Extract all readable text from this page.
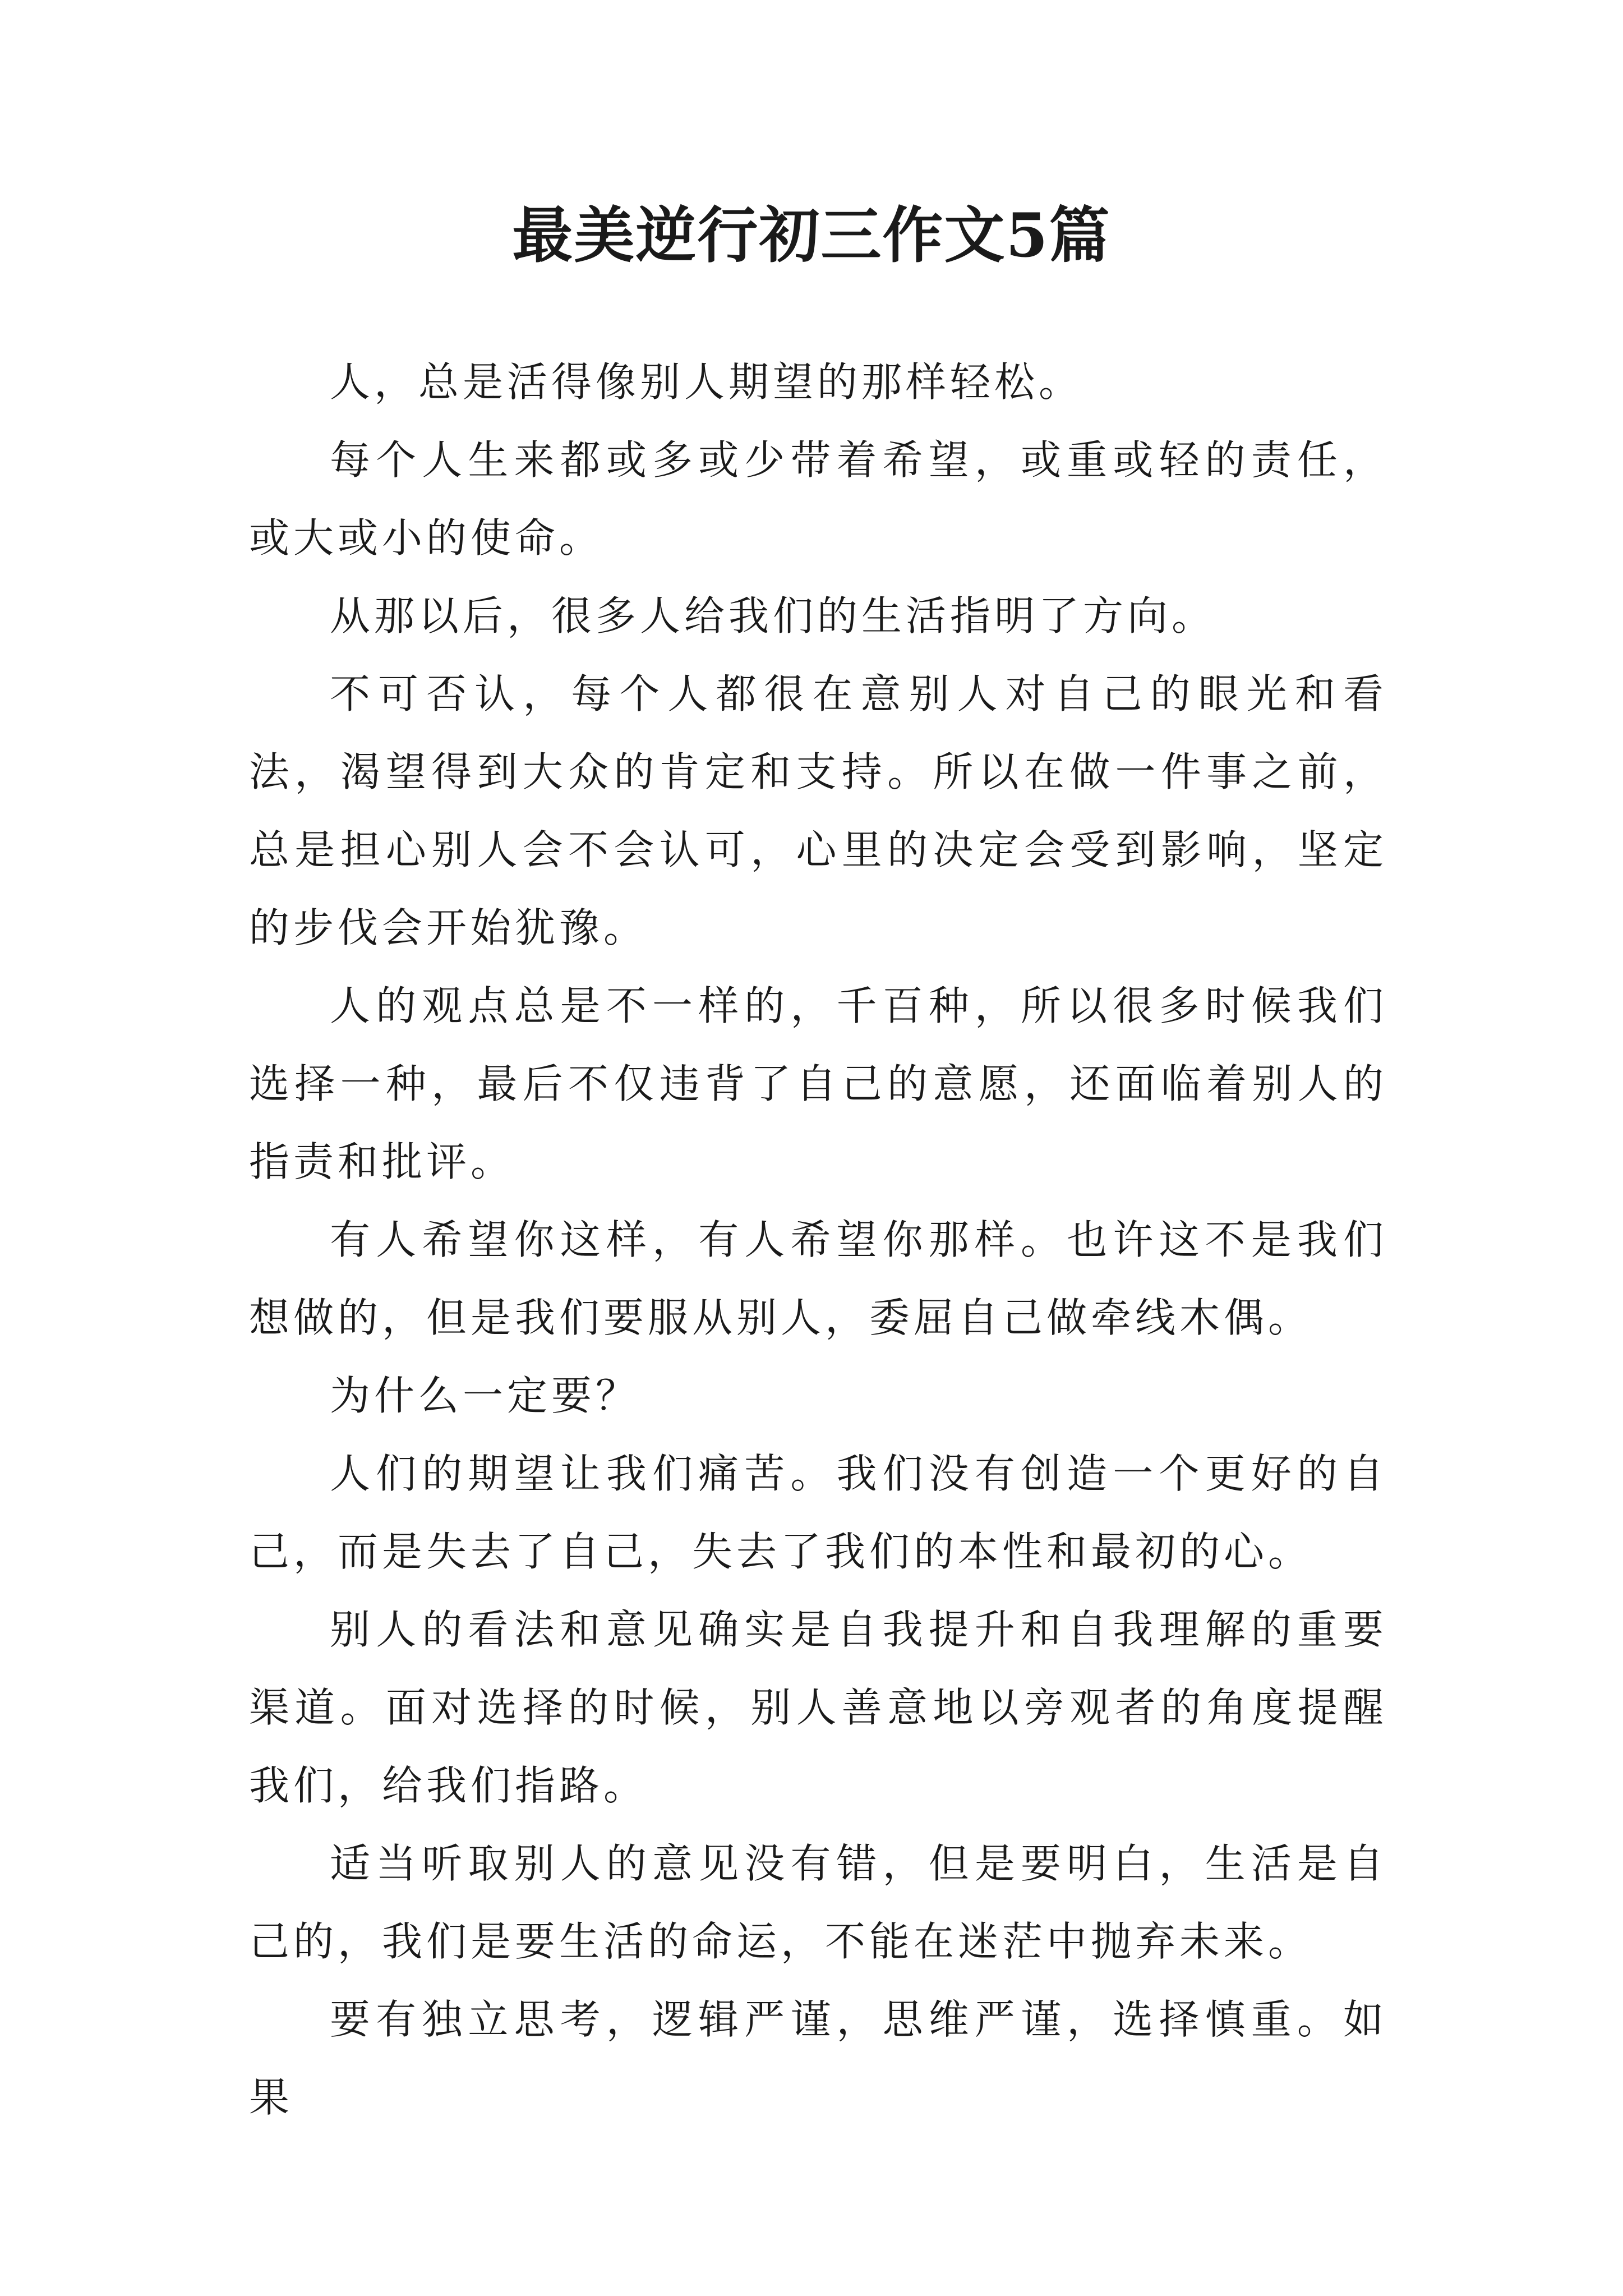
最美逆行初三作文5篇

人，总是活得像别人期望的那样轻松。

每个人生来都或多或少带着希望，或重或轻的责任，或大或小的使命。

从那以后，很多人给我们的生活指明了方向。

不可否认，每个人都很在意别人对自己的眼光和看法，渴望得到大众的肯定和支持。所以在做一件事之前，总是担心别人会不会认可，心里的决定会受到影响，坚定的步伐会开始犹豫。

人的观点总是不一样的，千百种，所以很多时候我们选择一种，最后不仅违背了自己的意愿，还面临着别人的指责和批评。

有人希望你这样，有人希望你那样。也许这不是我们想做的，但是我们要服从别人，委屈自己做牵线木偶。

为什么一定要？

人们的期望让我们痛苦。我们没有创造一个更好的自己，而是失去了自己，失去了我们的本性和最初的心。

别人的看法和意见确实是自我提升和自我理解的重要渠道。面对选择的时候，别人善意地以旁观者的角度提醒我们，给我们指路。

适当听取别人的意见没有错，但是要明白，生活是自己的，我们是要生活的命运，不能在迷茫中抛弃未来。

要有独立思考，逻辑严谨，思维严谨，选择慎重。如果
